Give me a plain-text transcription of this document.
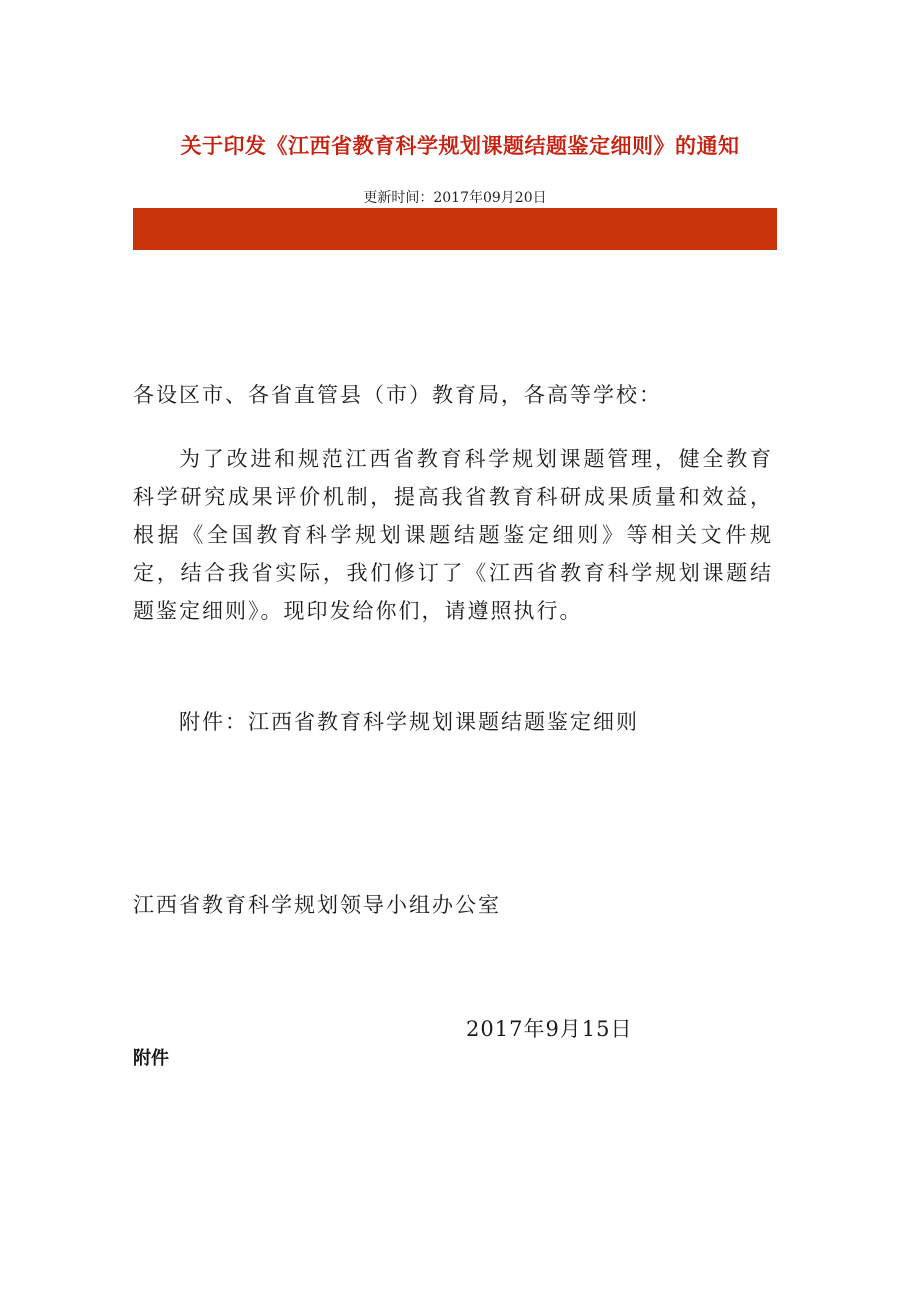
关于印发《江西省教育科学规划课题结题鉴定细则》的通知
更新时间：2017年09月20日
各设区市、各省直管县（市）教育局，各高等学校：
为了改进和规范江西省教育科学规划课题管理，健全教育科学研究成果评价机制，提高我省教育科研成果质量和效益，根据《全国教育科学规划课题结题鉴定细则》等相关文件规定，结合我省实际，我们修订了《江西省教育科学规划课题结题鉴定细则》。现印发给你们，请遵照执行。
附件：江西省教育科学规划课题结题鉴定细则
江西省教育科学规划领导小组办公室
2017年9月15日
附件
